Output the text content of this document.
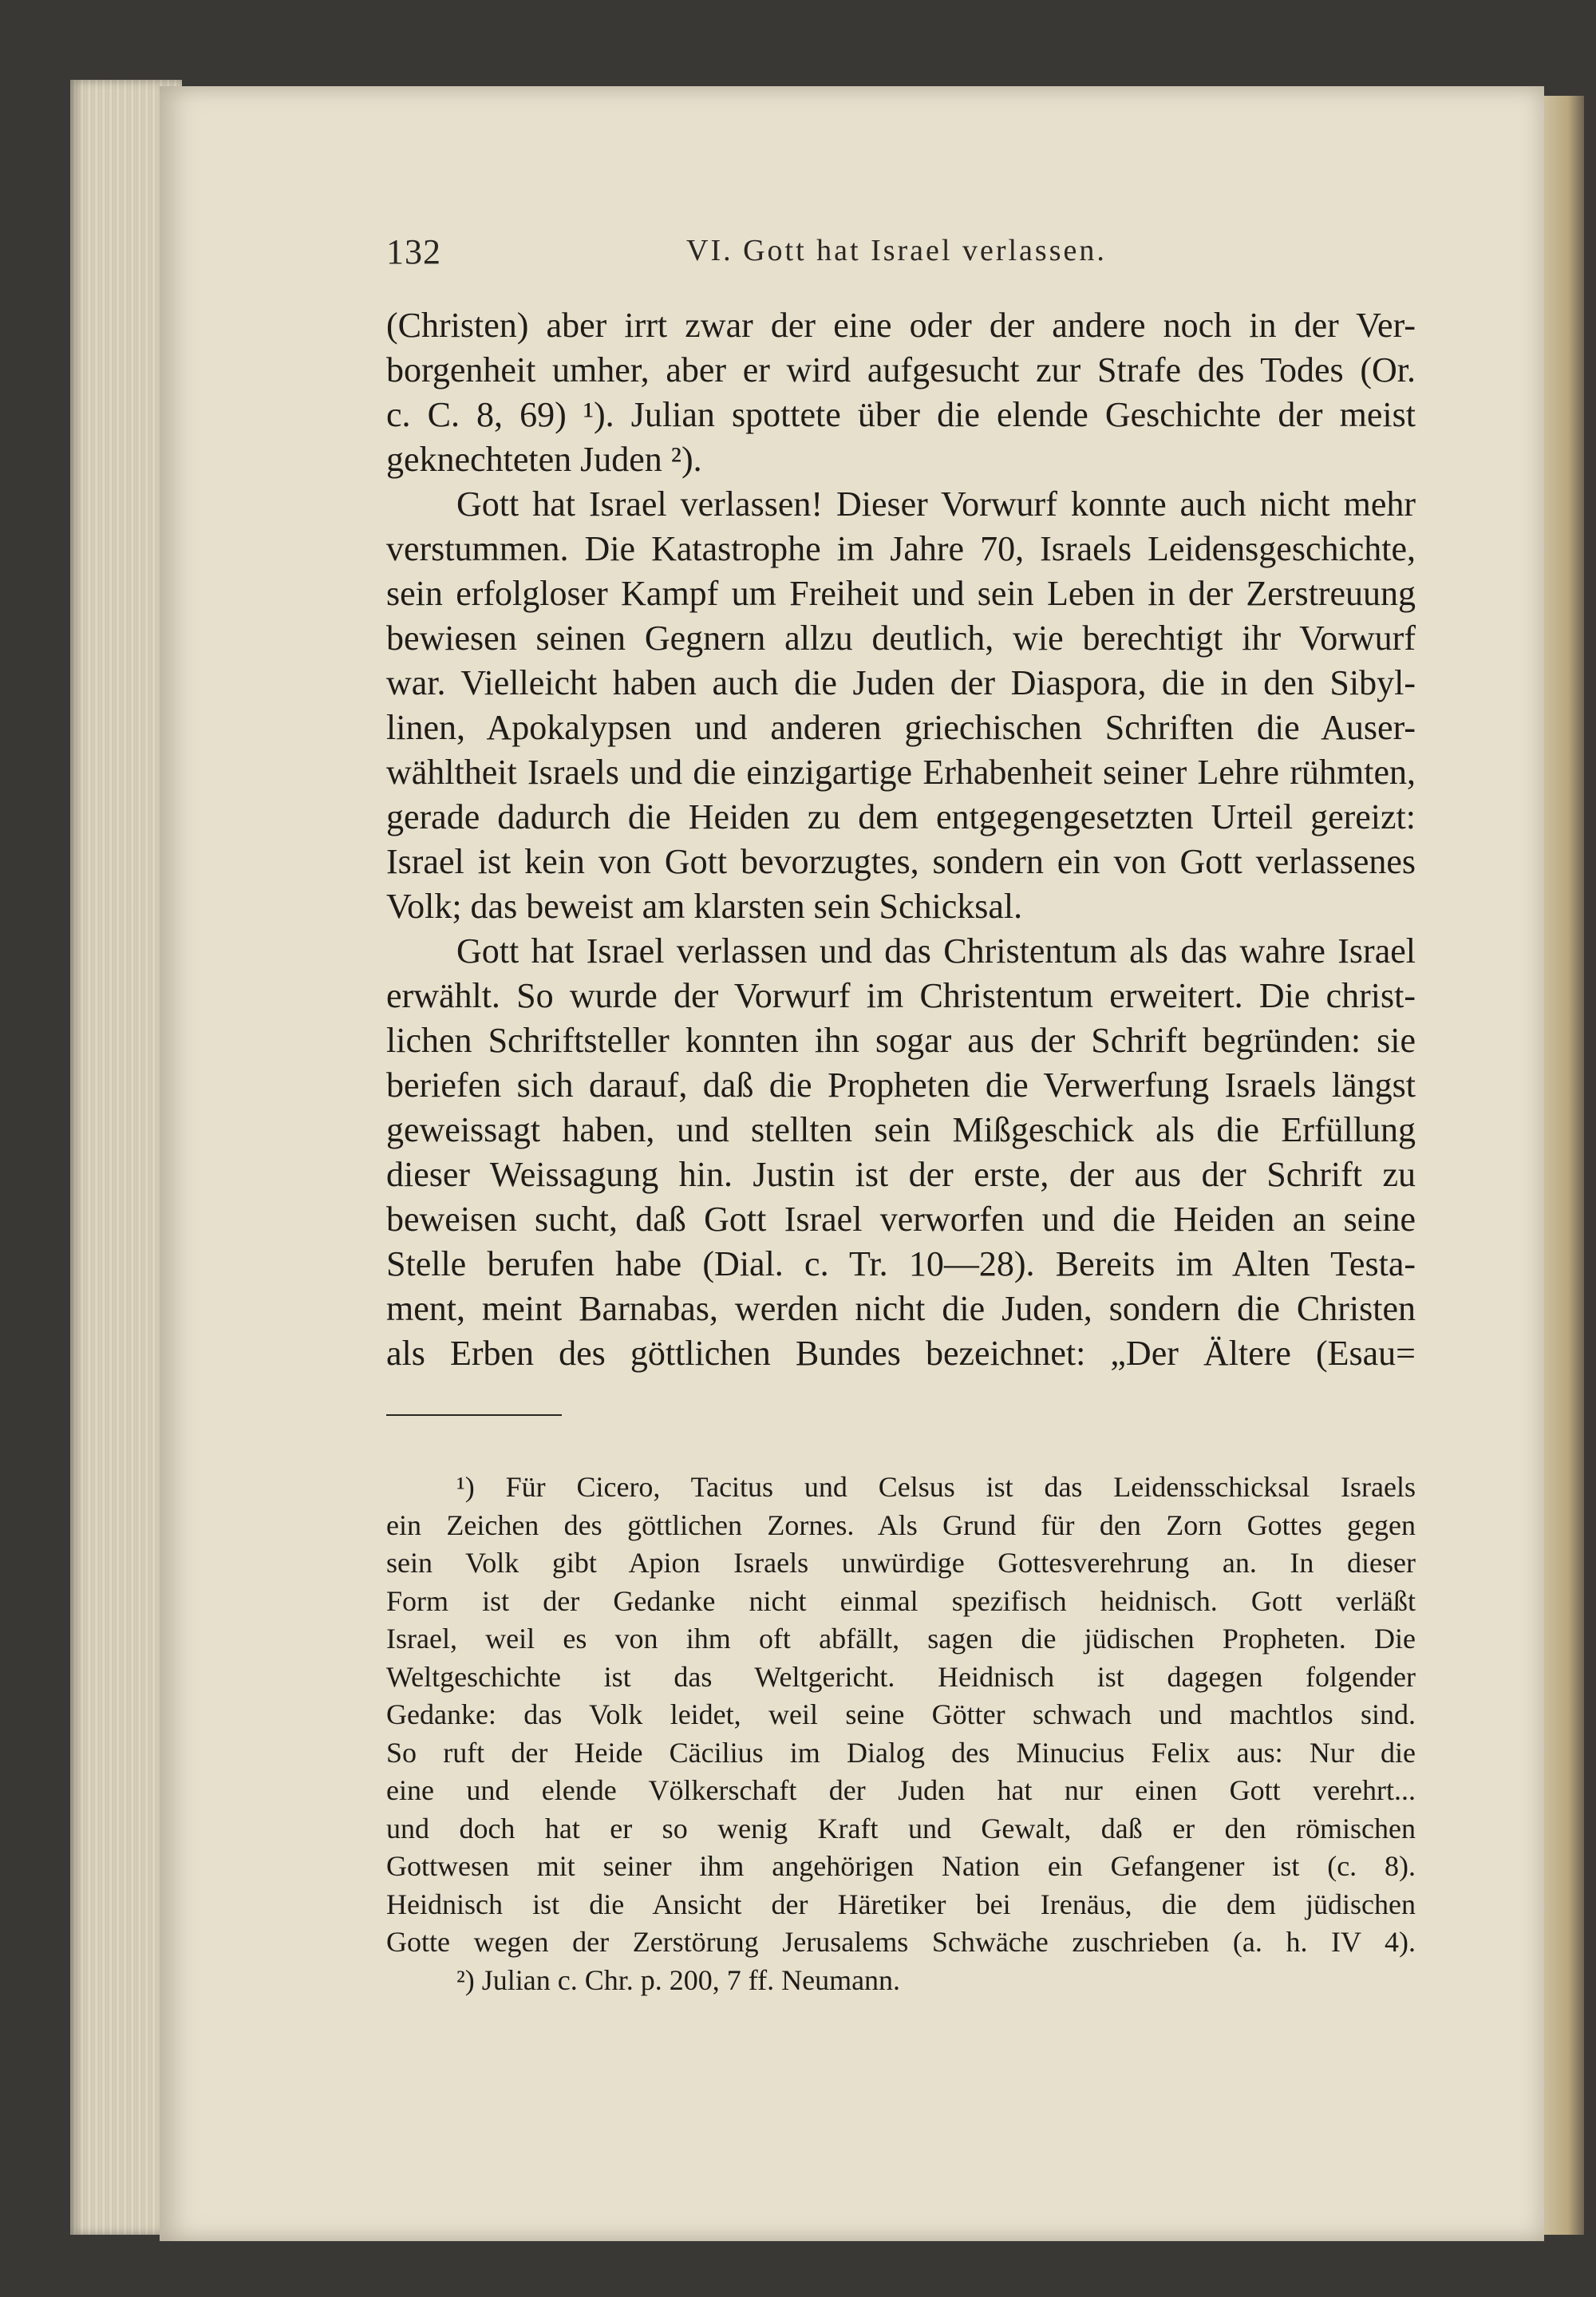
132	VI. Gott hat Israel verlassen.
(Christen) aber irrt zwar der eine oder der andere noch in der Ver-
borgenheit umher, aber er wird aufgesucht zur Strafe des Todes (Or.
c. C. 8, 69) ¹). Julian spottete über die elende Geschichte der meist
geknechteten Juden ²).
Gott hat Israel verlassen! Dieser Vorwurf konnte auch nicht mehr
verstummen. Die Katastrophe im Jahre 70, Israels Leidensgeschichte,
sein erfolgloser Kampf um Freiheit und sein Leben in der Zerstreuung
bewiesen seinen Gegnern allzu deutlich, wie berechtigt ihr Vorwurf
war. Vielleicht haben auch die Juden der Diaspora, die in den Sibyl-
linen, Apokalypsen und anderen griechischen Schriften die Auser-
wähltheit Israels und die einzigartige Erhabenheit seiner Lehre rühmten,
gerade dadurch die Heiden zu dem entgegengesetzten Urteil gereizt:
Israel ist kein von Gott bevorzugtes, sondern ein von Gott verlassenes
Volk; das beweist am klarsten sein Schicksal.
Gott hat Israel verlassen und das Christentum als das wahre Israel
erwählt. So wurde der Vorwurf im Christentum erweitert. Die christ-
lichen Schriftsteller konnten ihn sogar aus der Schrift begründen: sie
beriefen sich darauf, daß die Propheten die Verwerfung Israels längst
geweissagt haben, und stellten sein Mißgeschick als die Erfüllung
dieser Weissagung hin. Justin ist der erste, der aus der Schrift zu
beweisen sucht, daß Gott Israel verworfen und die Heiden an seine
Stelle berufen habe (Dial. c. Tr. 10—28). Bereits im Alten Testa-
ment, meint Barnabas, werden nicht die Juden, sondern die Christen
als Erben des göttlichen Bundes bezeichnet: „Der Ältere (Esau=
¹) Für Cicero, Tacitus und Celsus ist das Leidensschicksal Israels
ein Zeichen des göttlichen Zornes. Als Grund für den Zorn Gottes gegen
sein Volk gibt Apion Israels unwürdige Gottesverehrung an. In dieser
Form ist der Gedanke nicht einmal spezifisch heidnisch. Gott verläßt
Israel, weil es von ihm oft abfällt, sagen die jüdischen Propheten. Die
Weltgeschichte ist das Weltgericht. Heidnisch ist dagegen folgender
Gedanke: das Volk leidet, weil seine Götter schwach und machtlos sind.
So ruft der Heide Cäcilius im Dialog des Minucius Felix aus: Nur die
eine und elende Völkerschaft der Juden hat nur einen Gott verehrt...
und doch hat er so wenig Kraft und Gewalt, daß er den römischen
Gottwesen mit seiner ihm angehörigen Nation ein Gefangener ist (c. 8).
Heidnisch ist die Ansicht der Häretiker bei Irenäus, die dem jüdischen
Gotte wegen der Zerstörung Jerusalems Schwäche zuschrieben (a. h. IV 4).
²) Julian c. Chr. p. 200, 7 ff. Neumann.
